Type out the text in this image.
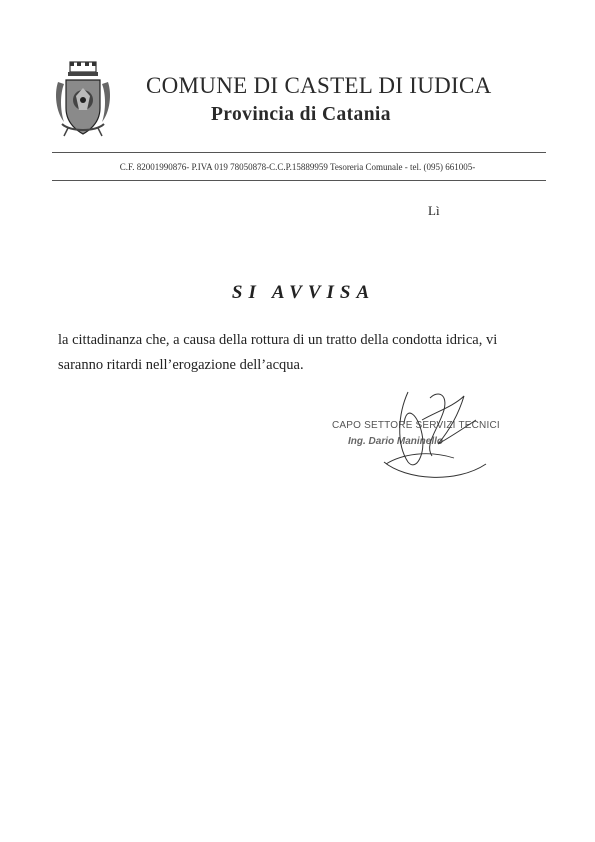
COMUNE DI CASTEL DI IUDICA
Provincia di Catania
C.F. 82001990876- P.IVA 019 78050878-C.C.P.15889959 Tesoreria Comunale - tel. (095) 661005-
Lì
SI AVVISA
la cittadinanza che, a causa della rottura di un tratto della condotta idrica, vi
saranno ritardi nell’erogazione dell’acqua.
CAPO SETTORE SERVIZI TECNICI
Ing. Dario Maninello
